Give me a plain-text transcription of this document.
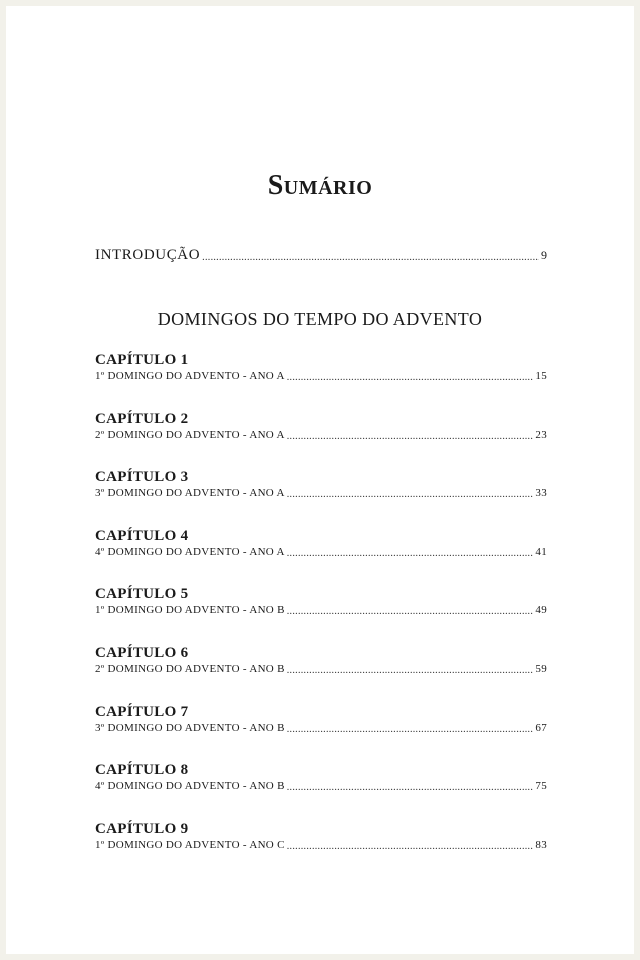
Sumário
INTRODUÇÃO .....	9
DOMINGOS DO TEMPO DO ADVENTO
CAPÍTULO 1
1º DOMINGO DO ADVENTO - ANO A .....	15
CAPÍTULO 2
2º DOMINGO DO ADVENTO - ANO A .....	23
CAPÍTULO 3
3º DOMINGO DO ADVENTO - ANO A .....	33
CAPÍTULO 4
4º DOMINGO DO ADVENTO - ANO A .....	41
CAPÍTULO 5
1º DOMINGO DO ADVENTO - ANO B .....	49
CAPÍTULO 6
2º DOMINGO DO ADVENTO - ANO B .....	59
CAPÍTULO 7
3º DOMINGO DO ADVENTO - ANO B .....	67
CAPÍTULO 8
4º DOMINGO DO ADVENTO - ANO B .....	75
CAPÍTULO 9
1º DOMINGO DO ADVENTO - ANO C .....	83
